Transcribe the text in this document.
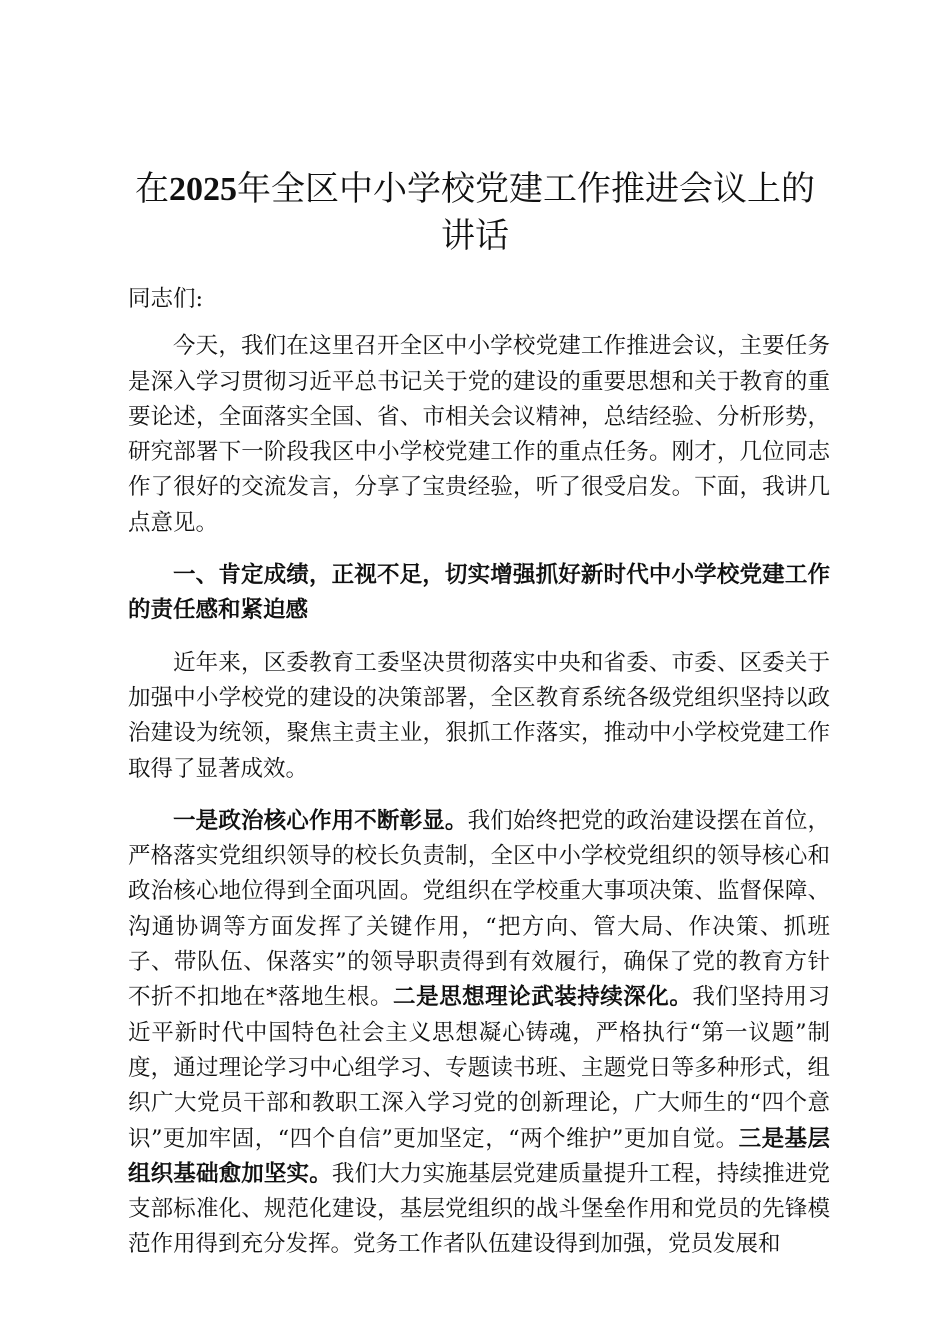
在2025年全区中小学校党建工作推进会议上的讲话

同志们:

今天，我们在这里召开全区中小学校党建工作推进会议，主要任务是深入学习贯彻习近平总书记关于党的建设的重要思想和关于教育的重要论述，全面落实全国、省、市相关会议精神，总结经验、分析形势，研究部署下一阶段我区中小学校党建工作的重点任务。刚才，几位同志作了很好的交流发言，分享了宝贵经验，听了很受启发。下面，我讲几点意见。

一、肯定成绩，正视不足，切实增强抓好新时代中小学校党建工作的责任感和紧迫感

近年来，区委教育工委坚决贯彻落实中央和省委、市委、区委关于加强中小学校党的建设的决策部署，全区教育系统各级党组织坚持以政治建设为统领，聚焦主责主业，狠抓工作落实，推动中小学校党建工作取得了显著成效。

一是政治核心作用不断彰显。我们始终把党的政治建设摆在首位，严格落实党组织领导的校长负责制，全区中小学校党组织的领导核心和政治核心地位得到全面巩固。党组织在学校重大事项决策、监督保障、沟通协调等方面发挥了关键作用，“把方向、管大局、作决策、抓班子、带队伍、保落实”的领导职责得到有效履行，确保了党的教育方针不折不扣地在*落地生根。二是思想理论武装持续深化。我们坚持用习近平新时代中国特色社会主义思想凝心铸魂，严格执行“第一议题”制度，通过理论学习中心组学习、专题读书班、主题党日等多种形式，组织广大党员干部和教职工深入学习党的创新理论，广大师生的“四个意识”更加牢固，“四个自信”更加坚定，“两个维护”更加自觉。三是基层组织基础愈加坚实。我们大力实施基层党建质量提升工程，持续推进党支部标准化、规范化建设，基层党组织的战斗堡垒作用和党员的先锋模范作用得到充分发挥。党务工作者队伍建设得到加强，党员发展和
